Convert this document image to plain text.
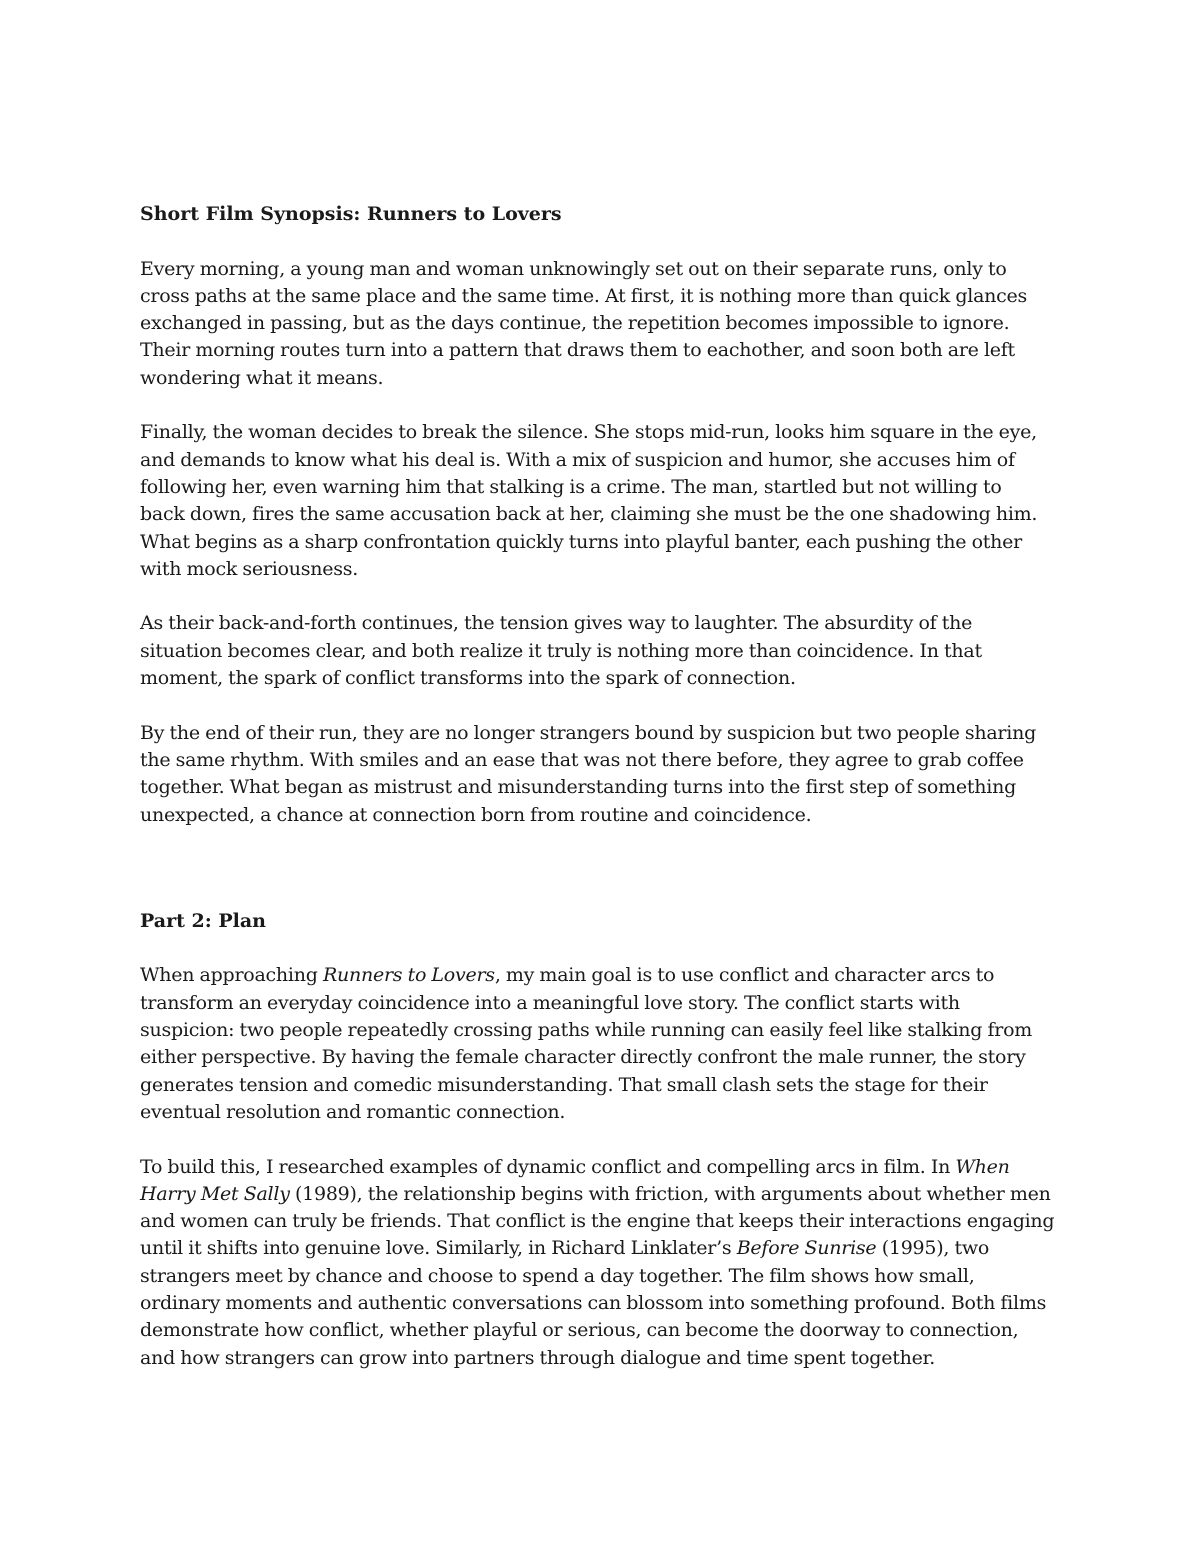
Short Film Synopsis: Runners to Lovers

Every morning, a young man and woman unknowingly set out on their separate runs, only to
cross paths at the same place and the same time. At first, it is nothing more than quick glances
exchanged in passing, but as the days continue, the repetition becomes impossible to ignore.
Their morning routes turn into a pattern that draws them to eachother, and soon both are left
wondering what it means.

Finally, the woman decides to break the silence. She stops mid-run, looks him square in the eye,
and demands to know what his deal is. With a mix of suspicion and humor, she accuses him of
following her, even warning him that stalking is a crime. The man, startled but not willing to
back down, fires the same accusation back at her, claiming she must be the one shadowing him.
What begins as a sharp confrontation quickly turns into playful banter, each pushing the other
with mock seriousness.

As their back-and-forth continues, the tension gives way to laughter. The absurdity of the
situation becomes clear, and both realize it truly is nothing more than coincidence. In that
moment, the spark of conflict transforms into the spark of connection.

By the end of their run, they are no longer strangers bound by suspicion but two people sharing
the same rhythm. With smiles and an ease that was not there before, they agree to grab coffee
together. What began as mistrust and misunderstanding turns into the first step of something
unexpected, a chance at connection born from routine and coincidence.

Part 2: Plan

When approaching Runners to Lovers, my main goal is to use conflict and character arcs to
transform an everyday coincidence into a meaningful love story. The conflict starts with
suspicion: two people repeatedly crossing paths while running can easily feel like stalking from
either perspective. By having the female character directly confront the male runner, the story
generates tension and comedic misunderstanding. That small clash sets the stage for their
eventual resolution and romantic connection.

To build this, I researched examples of dynamic conflict and compelling arcs in film. In When
Harry Met Sally (1989), the relationship begins with friction, with arguments about whether men
and women can truly be friends. That conflict is the engine that keeps their interactions engaging
until it shifts into genuine love. Similarly, in Richard Linklater’s Before Sunrise (1995), two
strangers meet by chance and choose to spend a day together. The film shows how small,
ordinary moments and authentic conversations can blossom into something profound. Both films
demonstrate how conflict, whether playful or serious, can become the doorway to connection,
and how strangers can grow into partners through dialogue and time spent together.
